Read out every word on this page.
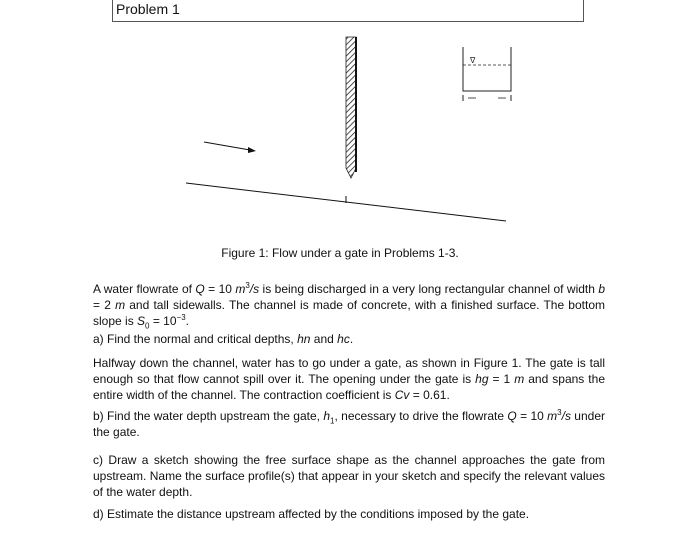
Problem 1
∇
Figure 1: Flow under a gate in Problems 1-3.
A water flowrate of Q = 10 $m^3/s$ is being discharged in a very long rectangular channel of width b = 2 m and tall sidewalls. The channel is made of concrete, with a finished surface. The bottom slope is $S_0 = 10^{-3}$.
a) Find the normal and critical depths, hn and hc.
Halfway down the channel, water has to go under a gate, as shown in Figure 1. The gate is tall enough so that flow cannot spill over it. The opening under the gate is hg = 1 m and spans the entire width of the channel. The contraction coefficient is Cv = 0.61.
b) Find the water depth upstream the gate, $h_1$, necessary to drive the flowrate Q = 10 $m^3/s$ under the gate.
c) Draw a sketch showing the free surface shape as the channel approaches the gate from upstream. Name the surface profile(s) that appear in your sketch and specify the relevant values of the water depth.
d) Estimate the distance upstream affected by the conditions imposed by the gate.
